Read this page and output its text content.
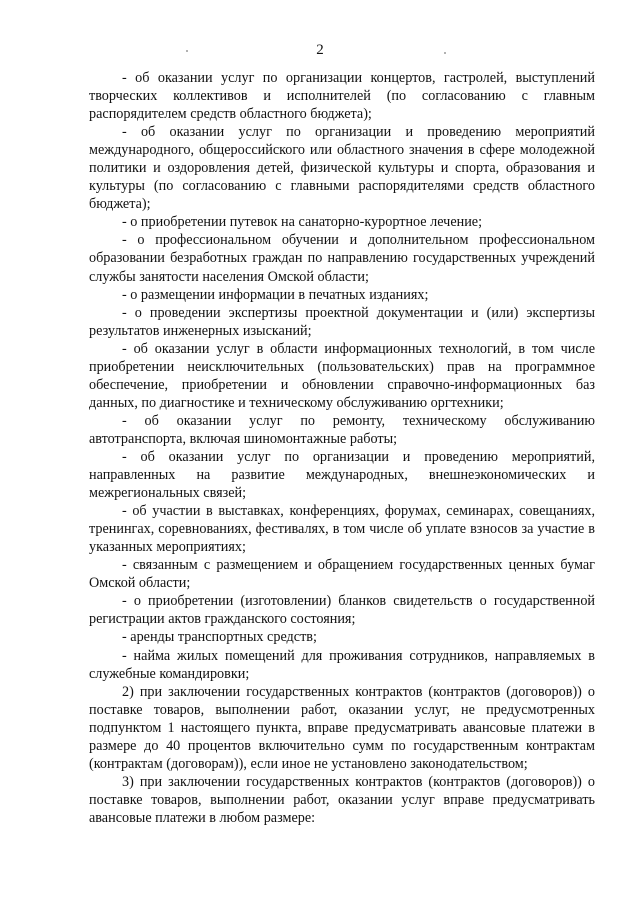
2

- об оказании услуг по организации концертов, гастролей, выступлений творческих коллективов и исполнителей (по согласованию с главным распорядителем средств областного бюджета);

- об оказании услуг по организации и проведению мероприятий международного, общероссийского или областного значения в сфере молодежной политики и оздоровления детей, физической культуры и спорта, образования и культуры (по согласованию с главными распорядителями средств областного бюджета);

- о приобретении путевок на санаторно-курортное лечение;

- о профессиональном обучении и дополнительном профессиональном образовании безработных граждан по направлению государственных учреждений службы занятости населения Омской области;

- о размещении информации в печатных изданиях;

- о проведении экспертизы проектной документации и (или) экспертизы результатов инженерных изысканий;

- об оказании услуг в области информационных технологий, в том числе приобретении неисключительных (пользовательских) прав на программное обеспечение, приобретении и обновлении справочно-информационных баз данных, по диагностике и техническому обслуживанию оргтехники;

- об оказании услуг по ремонту, техническому обслуживанию автотранспорта, включая шиномонтажные работы;

- об оказании услуг по организации и проведению мероприятий, направленных на развитие международных, внешнеэкономических и межрегиональных связей;

- об участии в выставках, конференциях, форумах, семинарах, совещаниях, тренингах, соревнованиях, фестивалях, в том числе об уплате взносов за участие в указанных мероприятиях;

- связанным с размещением и обращением государственных ценных бумаг Омской области;

- о приобретении (изготовлении) бланков свидетельств о государственной регистрации актов гражданского состояния;

- аренды транспортных средств;

- найма жилых помещений для проживания сотрудников, направляемых в служебные командировки;

2) при заключении государственных контрактов (контрактов (договоров)) о поставке товаров, выполнении работ, оказании услуг, не предусмотренных подпунктом 1 настоящего пункта, вправе предусматривать авансовые платежи в размере до 40 процентов включительно сумм по государственным контрактам (контрактам (договорам)), если иное не установлено законодательством;

3) при заключении государственных контрактов (контрактов (договоров)) о поставке товаров, выполнении работ, оказании услуг вправе предусматривать авансовые платежи в любом размере:
